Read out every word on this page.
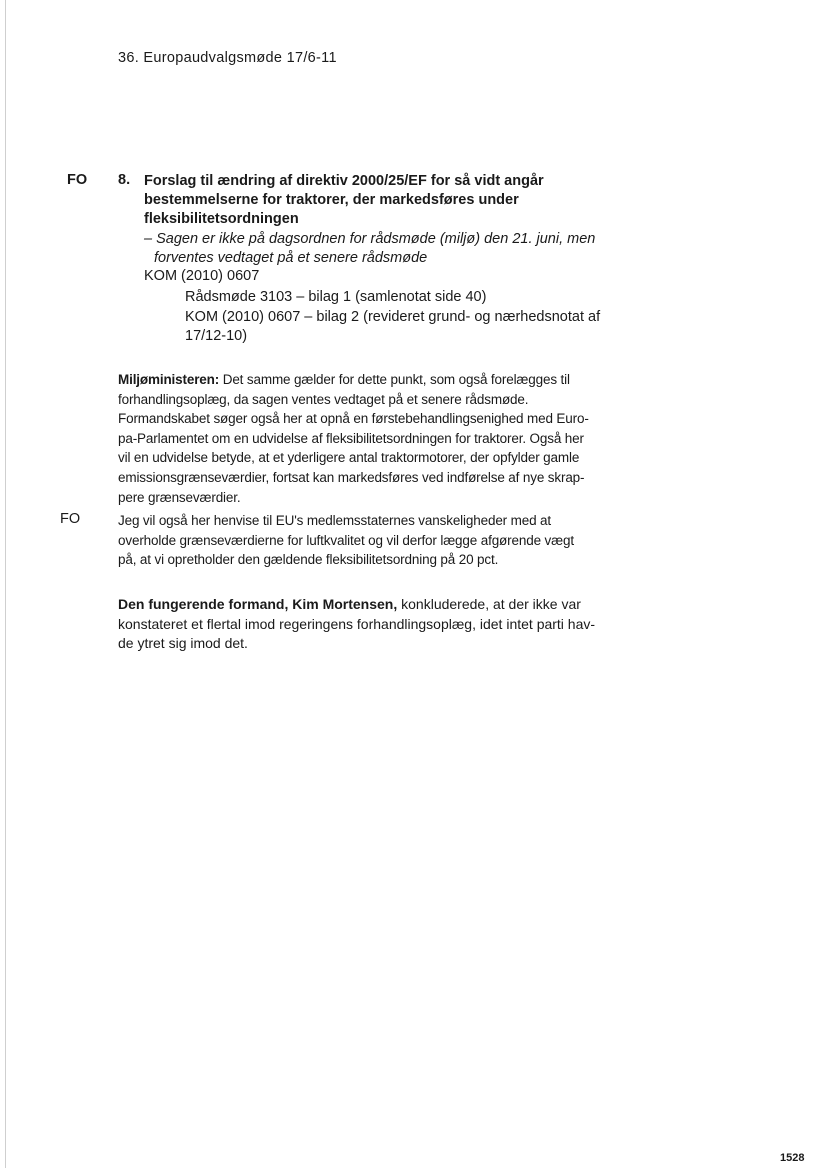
36. Europaudvalgsmøde 17/6-11
FO
FO
8. Forslag til ændring af direktiv 2000/25/EF for så vidt angår
bestemmelserne for traktorer, der markedsføres under
fleksibilitetsordningen
– Sagen er ikke på dagsordnen for rådsmøde (miljø) den 21. juni, men
forventes vedtaget på et senere rådsmøde
KOM (2010) 0607
Rådsmøde 3103 – bilag 1 (samlenotat side 40)
KOM (2010) 0607 – bilag 2 (revideret grund- og nærhedsnotat af
17/12-10)
Miljøministeren: Det samme gælder for dette punkt, som også forelægges til
forhandlingsoplæg, da sagen ventes vedtaget på et senere rådsmøde.
Formandskabet søger også her at opnå en førstebehandlingsenighed med Euro-
pa-Parlamentet om en udvidelse af fleksibilitetsordningen for traktorer. Også her
vil en udvidelse betyde, at et yderligere antal traktormotorer, der opfylder gamle
emissionsgrænseværdier, fortsat kan markedsføres ved indførelse af nye skrap-
pere grænseværdier.
Jeg vil også her henvise til EU's medlemsstaternes vanskeligheder med at
overholde grænseværdierne for luftkvalitet og vil derfor lægge afgørende vægt
på, at vi opretholder den gældende fleksibilitetsordning på 20 pct.
Den fungerende formand, Kim Mortensen, konkluderede, at der ikke var
konstateret et flertal imod regeringens forhandlingsoplæg, idet intet parti hav-
de ytret sig imod det.
1528
